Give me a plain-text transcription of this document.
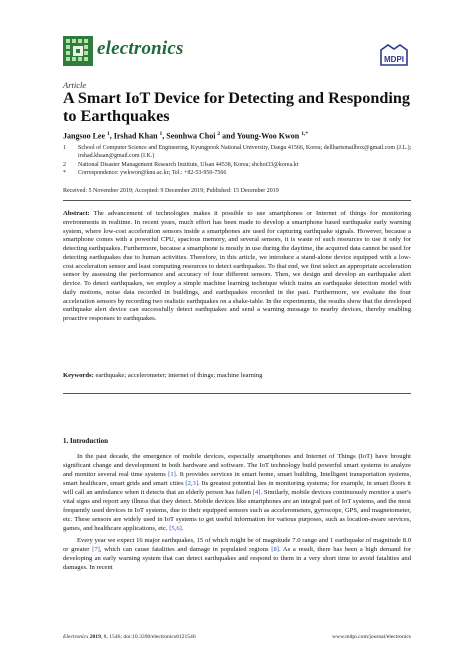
electronics
MDPI
Article
A Smart IoT Device for Detecting and Responding to Earthquakes
Jangsoo Lee $^1$, Irshad Khan $^1$, Seonhwa Choi $^2$ and Young-Woo Kwon $^{1,*}$
1	School of Computer Science and Engineering, Kyungpook National University, Daegu 41566, Korea; dellhartsmailbox@gmail.com (J.L.); irshad.khaan@gmail.com (I.K.)
2	National Disaster Management Research Institute, Ulsan 44538, Korea; shchoi33@korea.kr
*	Correspondence: ywkwon@knu.ac.kr; Tel.: +82-53-950-7566
Received: 5 November 2019; Accepted: 9 December 2019; Published: 15 December 2019
Abstract: The advancement of technologies makes it possible to use smartphones or Internet of things for monitoring environments in realtime. In recent years, much effort has been made to develop a smartphone based earthquake early warning system, where low-cost acceleration sensors inside a smartphones are used for capturing earthquake signals. However, because a smartphone comes with a powerful CPU, spacious memory, and several sensors, it is waste of such resources to use it only for detecting earthquakes. Furthermore, because a smartphone is mostly in use during the daytime, the acquired data cannot be used for detecting earthquakes due to human activities. Therefore, in this article, we introduce a stand-alone device equipped with a low-cost acceleration sensor and least computing resources to detect earthquakes. To that end, we first select an appropriate acceleration sensor by assessing the performance and accuracy of four different sensors. Then, we design and develop an earthquake alert device. To detect earthquakes, we employ a simple machine learning technique which trains an earthquake detection model with daily motions, noise data recorded in buildings, and earthquakes recorded in the past. Furthermore, we evaluate the four acceleration sensors by recording two realistic earthquakes on a shake-table. In the experiments, the results show that the developed earthquake alert device can successfully detect earthquakes and send a warning message to nearby devices, thereby enabling proactive responses to earthquakes.
Keywords: earthquake; accelerometer; internet of things; machine learning
1. Introduction

In the past decade, the emergence of mobile devices, especially smartphones and Internet of Things (IoT) have brought significant change and development in both hardware and software. The IoT technology build powerful smart systems to analyze and monitor several real time systems [1]. It provides services in smart home, smart building, Intelligent transportation systems, smart healthcare, smart grids and smart cities [2,3]. Its greatest potential lies in monitoring systems; for example, in smart floors it will call an ambulance when it detects that an elderly person has fallen [4]. Similarly, mobile devices continuously monitor a user's vital signs and report any illness that they detect. Mobile devices like smartphones are an integral part of IoT systems, and the most frequently used devices in IoT systems, due to their equipped sensors such as accelerometers, gyroscope, GPS, and magnetometer, etc. These sensors are widely used in IoT systems to get useful information for various purposes, such as location-aware services, games, and healthcare applications, etc. [5,6].

Every year we expect 16 major earthquakes, 15 of which might be of magnitude 7.0 range and 1 earthquake of magnitude 8.0 or greater [7], which can cause fatalities and damage in populated regions [8]. As a result, there has been a high demand for developing an early warning system that can detect earthquakes and respond to them in a very short time to avoid fatalities and damages. In recent

Electronics 2019, 8, 1546; doi:10.3390/electronics8121546	www.mdpi.com/journal/electronics
